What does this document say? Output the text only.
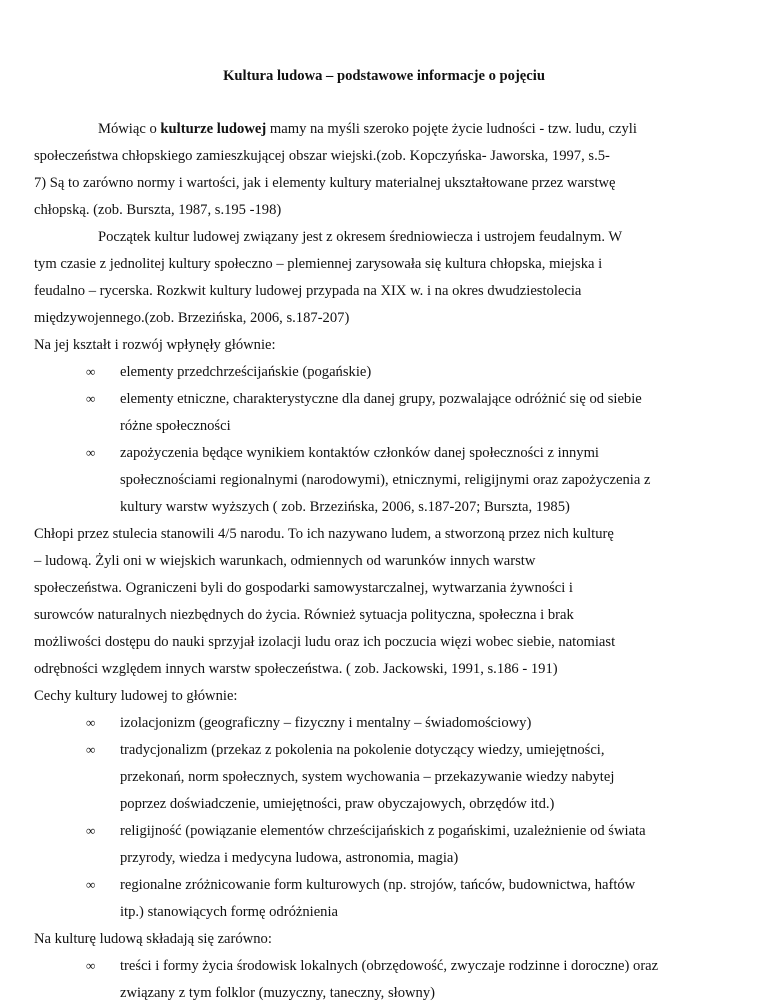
Kultura ludowa – podstawowe informacje o pojęciu
Mówiąc o kulturze ludowej mamy na myśli szeroko pojęte życie ludności - tzw. ludu, czyli
społeczeństwa chłopskiego zamieszkującej obszar wiejski.(zob. Kopczyńska- Jaworska, 1997, s.5-
7) Są to zarówno normy i wartości, jak i elementy kultury materialnej ukształtowane przez warstwę
chłopską. (zob. Burszta, 1987, s.195 -198)
Początek kultur ludowej związany jest z okresem średniowiecza i ustrojem feudalnym. W
tym czasie z jednolitej kultury społeczno – plemiennej zarysowała się kultura chłopska, miejska i
feudalno – rycerska. Rozkwit kultury ludowej przypada na XIX w. i na okres dwudziestolecia
międzywojennego.(zob. Brzezińska, 2006, s.187-207)
Na jej kształt i rozwój wpłynęły głównie:
∞ elementy przedchrześcijańskie (pogańskie)
∞ elementy etniczne, charakterystyczne dla danej grupy, pozwalające odróżnić się od siebie
różne społeczności
∞ zapożyczenia będące wynikiem kontaktów członków danej społeczności z innymi
społecznościami regionalnymi (narodowymi), etnicznymi, religijnymi oraz zapożyczenia z
kultury warstw wyższych ( zob. Brzezińska, 2006, s.187-207; Burszta, 1985)
Chłopi przez stulecia stanowili 4/5 narodu. To ich nazywano ludem, a stworzoną przez nich kulturę
– ludową. Żyli oni w wiejskich warunkach, odmiennych od warunków innych warstw
społeczeństwa. Ograniczeni byli do gospodarki samowystarczalnej, wytwarzania żywności i
surowców naturalnych niezbędnych do życia. Również sytuacja polityczna, społeczna i brak
możliwości dostępu do nauki sprzyjał izolacji ludu oraz ich poczucia więzi wobec siebie, natomiast
odrębności względem innych warstw społeczeństwa. ( zob. Jackowski, 1991, s.186 - 191)
Cechy kultury ludowej to głównie:
∞ izolacjonizm (geograficzny – fizyczny i mentalny – świadomościowy)
∞ tradycjonalizm (przekaz z pokolenia na pokolenie dotyczący wiedzy, umiejętności,
przekonań, norm społecznych, system wychowania – przekazywanie wiedzy nabytej
poprzez doświadczenie, umiejętności, praw obyczajowych, obrzędów itd.)
∞ religijność (powiązanie elementów chrześcijańskich z pogańskimi, uzależnienie od świata
przyrody, wiedza i medycyna ludowa, astronomia, magia)
∞ regionalne zróżnicowanie form kulturowych (np. strojów, tańców, budownictwa, haftów
itp.) stanowiących formę odróżnienia
Na kulturę ludową składają się zarówno:
∞ treści i formy życia środowisk lokalnych (obrzędowość, zwyczaje rodzinne i doroczne) oraz
związany z tym folklor (muzyczny, taneczny, słowny)
